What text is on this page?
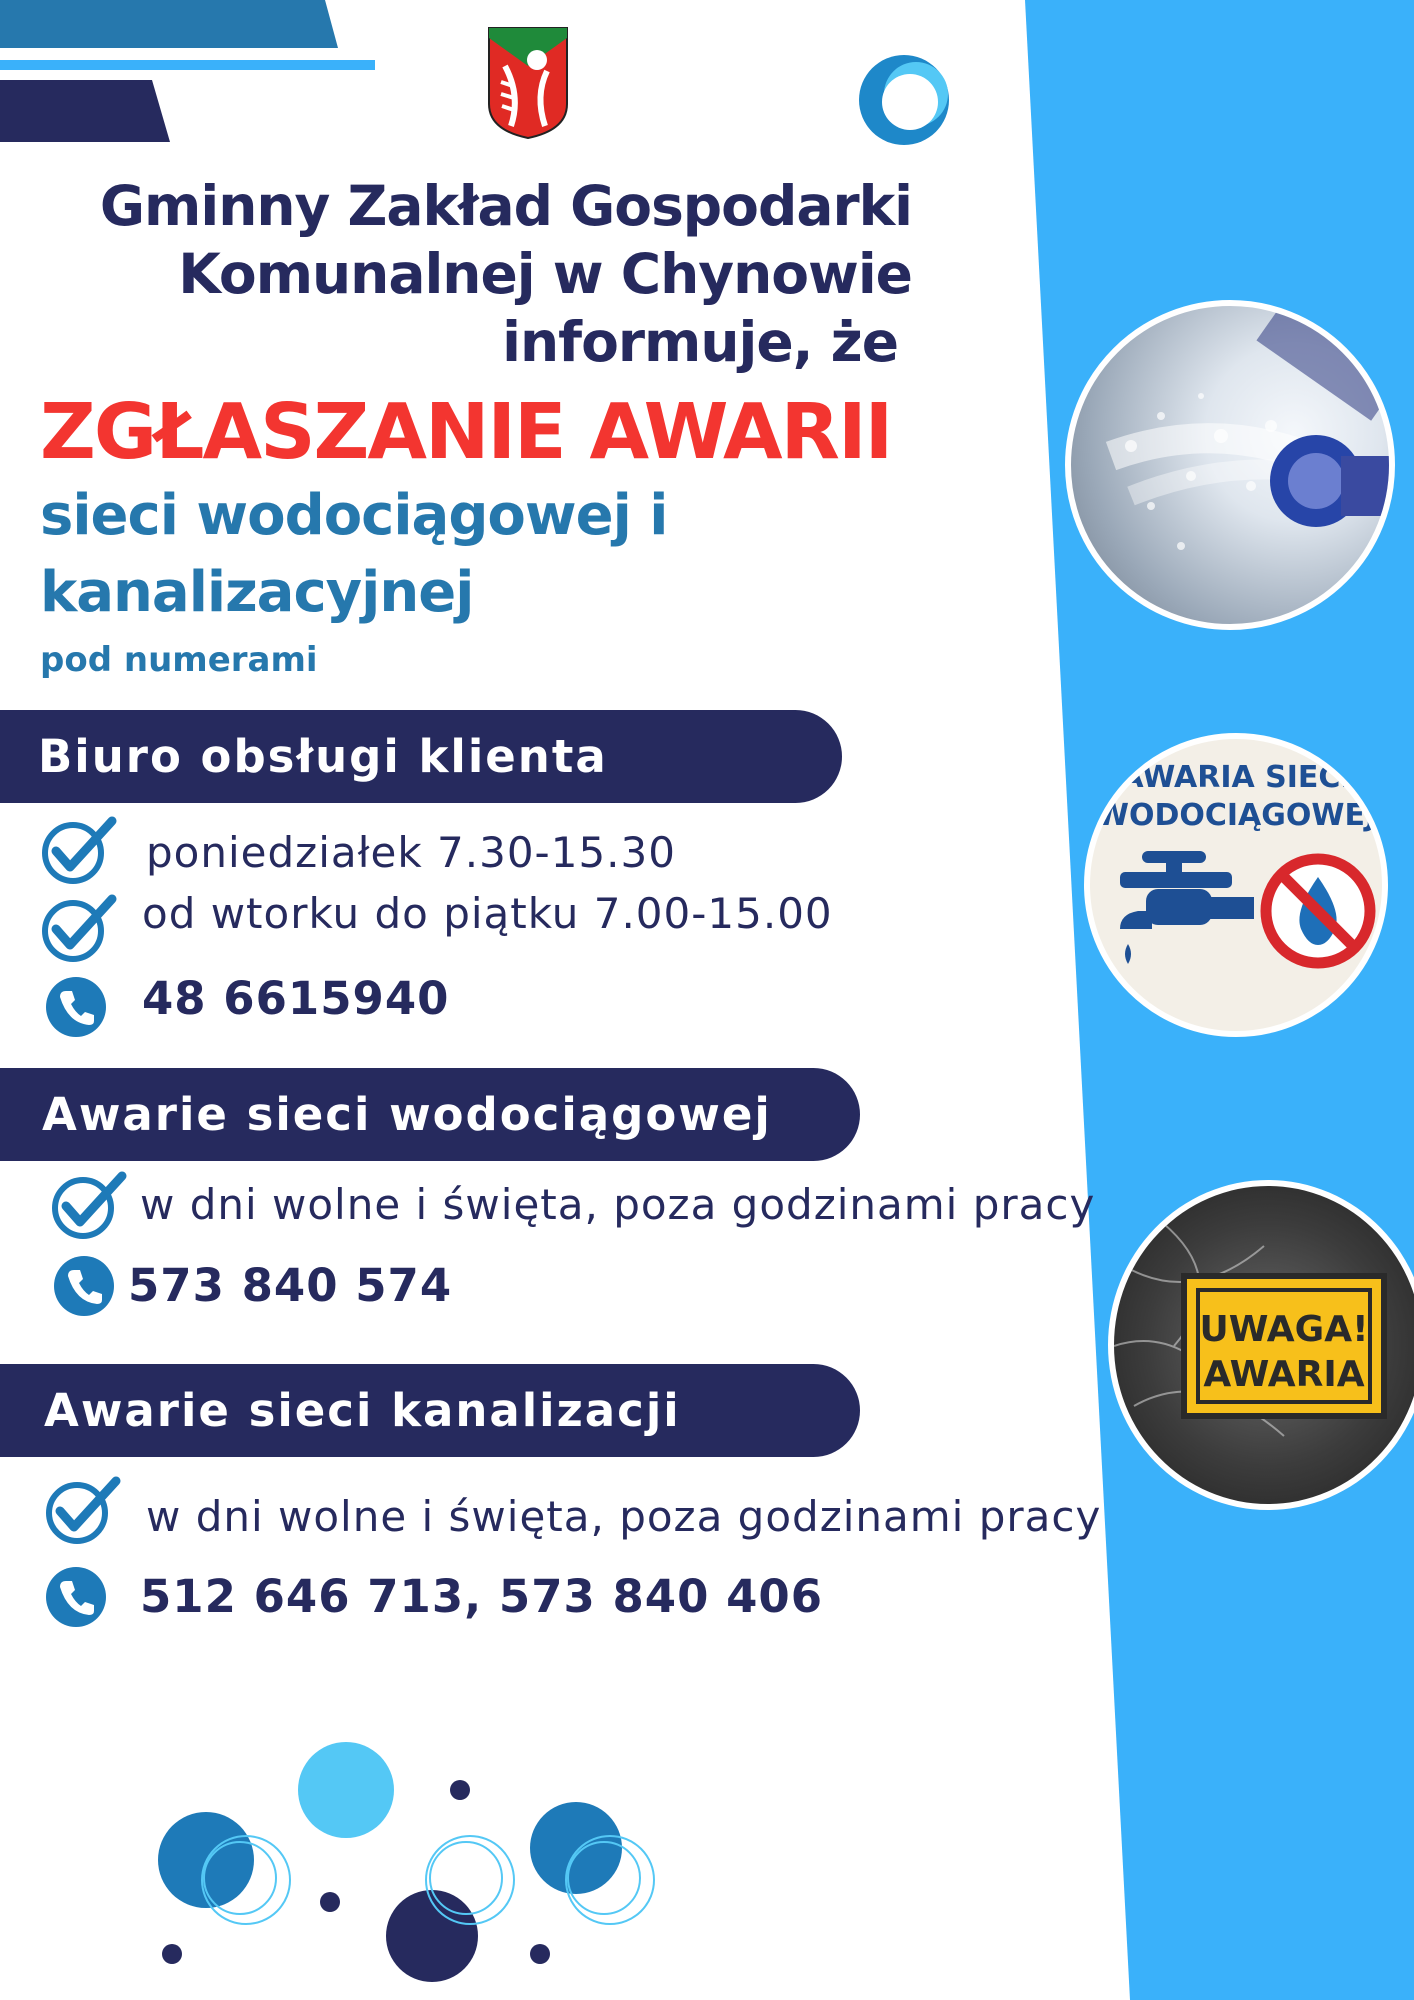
Gminny Zakład Gospodarki
Komunalnej w Chynowie
informuje, że
ZGŁASZANIE AWARII
sieci wodociągowej i
kanalizacyjnej
pod numerami
Biuro obsługi klienta
poniedziałek 7.30-15.30
od wtorku do piątku 7.00-15.00
48 6615940
Awarie sieci wodociągowej
w dni wolne i święta, poza godzinami pracy
573 840 574
Awarie sieci kanalizacji
w dni wolne i święta, poza godzinami pracy
512 646 713, 573 840 406
AWARIA SIECI
WODOCIĄGOWEJ
UWAGA!
AWARIA
